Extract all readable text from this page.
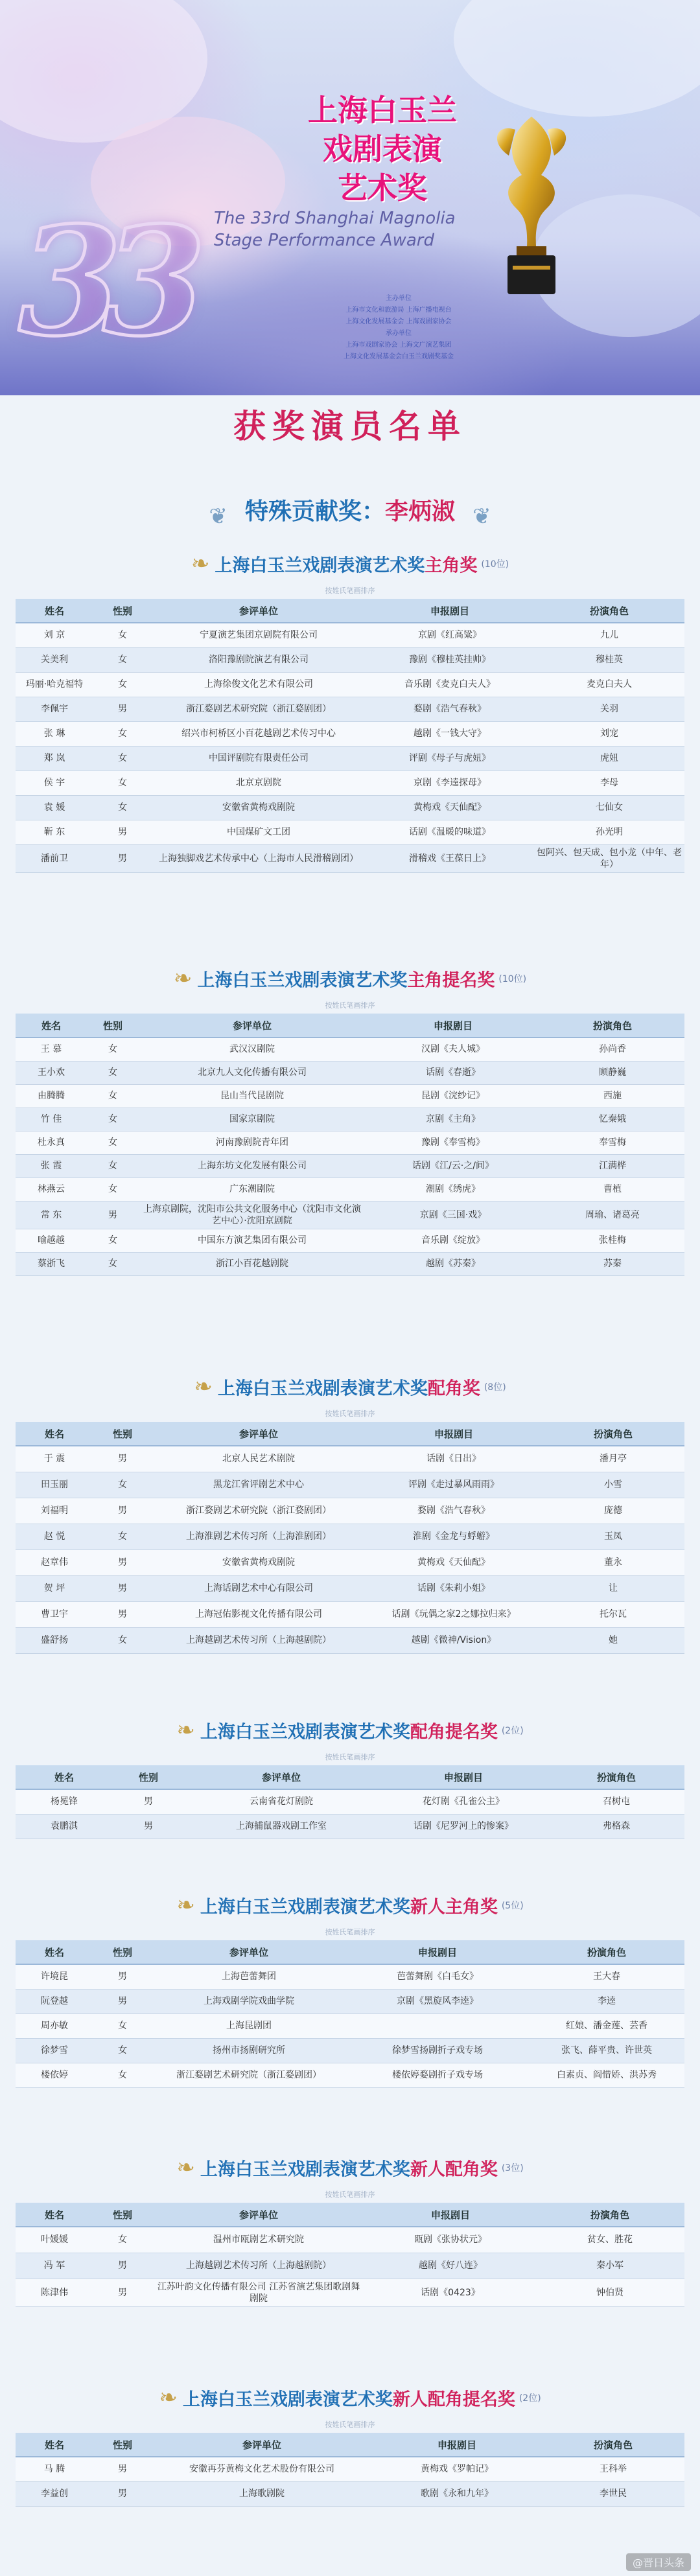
33
上海白玉兰
戏剧表演
艺术奖
The 33rd Shanghai Magnolia
Stage Performance Award
主办单位
上海市文化和旅游局 上海广播电视台
上海文化发展基金会 上海戏剧家协会
承办单位
上海市戏剧家协会 上海文广演艺集团
上海文化发展基金会白玉兰戏剧奖基金
获奖演员名单
❦ 特殊贡献奖：李炳淑 ❦
❧ 上海白玉兰戏剧表演艺术奖主角奖 (10位)
按姓氏笔画排序
姓名	性别	参评单位	申报剧目	扮演角色
刘 京	女	宁夏演艺集团京剧院有限公司	京剧《红高粱》	九儿
关美利	女	洛阳豫剧院演艺有限公司	豫剧《穆桂英挂帅》	穆桂英
玛丽·哈克福特	女	上海徐俊文化艺术有限公司	音乐剧《麦克白夫人》	麦克白夫人
李佩宇	男	浙江婺剧艺术研究院（浙江婺剧团）	婺剧《浩气春秋》	关羽
张 琳	女	绍兴市柯桥区小百花越剧艺术传习中心	越剧《一钱大守》	刘宠
郑 岚	女	中国评剧院有限责任公司	评剧《母子与虎妞》	虎妞
侯 宇	女	北京京剧院	京剧《李逵探母》	李母
袁 媛	女	安徽省黄梅戏剧院	黄梅戏《天仙配》	七仙女
靳 东	男	中国煤矿文工团	话剧《温暖的味道》	孙光明
潘前卫	男	上海独脚戏艺术传承中心（上海市人民滑稽剧团）	滑稽戏《王葆日上》	包阿兴、包天成、包小龙（中年、老年）
❧ 上海白玉兰戏剧表演艺术奖主角提名奖 (10位)
按姓氏笔画排序
姓名	性别	参评单位	申报剧目	扮演角色
王 慕	女	武汉汉剧院	汉剧《夫人城》	孙尚香
王小欢	女	北京九人文化传播有限公司	话剧《春逝》	顾静巍
由腾腾	女	昆山当代昆剧院	昆剧《浣纱记》	西施
竹 佳	女	国家京剧院	京剧《主角》	忆秦娥
杜永真	女	河南豫剧院青年团	豫剧《奉雪梅》	奉雪梅
张 霞	女	上海东坊文化发展有限公司	话剧《江/云·之/间》	江满桦
林燕云	女	广东潮剧院	潮剧《绣虎》	曹植
常 东	男	上海京剧院，沈阳市公共文化服务中心（沈阳市文化演艺中心）·沈阳京剧院	京剧《三国·戏》	周瑜、诸葛亮
喻越越	女	中国东方演艺集团有限公司	音乐剧《绽放》	张桂梅
蔡浙飞	女	浙江小百花越剧院	越剧《苏秦》	苏秦
❧ 上海白玉兰戏剧表演艺术奖配角奖 (8位)
按姓氏笔画排序
姓名	性别	参评单位	申报剧目	扮演角色
于 震	男	北京人民艺术剧院	话剧《日出》	潘月亭
田玉丽	女	黑龙江省评剧艺术中心	评剧《走过暴风雨雨》	小雪
刘福明	男	浙江婺剧艺术研究院（浙江婺剧团）	婺剧《浩气春秋》	庞德
赵 悦	女	上海淮剧艺术传习所（上海淮剧团）	淮剧《金龙与蜉蝣》	玉凤
赵章伟	男	安徽省黄梅戏剧院	黄梅戏《天仙配》	董永
贺 坪	男	上海话剧艺术中心有限公司	话剧《朱莉小姐》	让
曹卫宇	男	上海冠佑影视文化传播有限公司	话剧《玩偶之家2之娜拉归来》	托尔瓦
盛舒扬	女	上海越剧艺术传习所（上海越剧院）	越剧《微神/Vision》	她
❧ 上海白玉兰戏剧表演艺术奖配角提名奖 (2位)
按姓氏笔画排序
姓名	性别	参评单位	申报剧目	扮演角色
杨冕锋	男	云南省花灯剧院	花灯剧《孔雀公主》	召树屯
袁鹏淇	男	上海捕鼠器戏剧工作室	话剧《尼罗河上的惨案》	弗格森
❧ 上海白玉兰戏剧表演艺术奖新人主角奖 (5位)
按姓氏笔画排序
姓名	性别	参评单位	申报剧目	扮演角色
许境昆	男	上海芭蕾舞团	芭蕾舞剧《白毛女》	王大春
阮登越	男	上海戏剧学院戏曲学院	京剧《黑旋风李逵》	李逵
周亦敏	女	上海昆剧团		红娘、潘金莲、芸香
徐梦雪	女	扬州市扬剧研究所	徐梦雪扬剧折子戏专场	张飞、薛平贵、许世英
楼依婷	女	浙江婺剧艺术研究院（浙江婺剧团）	楼依婷婺剧折子戏专场	白素贞、阎惜娇、洪苏秀
❧ 上海白玉兰戏剧表演艺术奖新人配角奖 (3位)
按姓氏笔画排序
姓名	性别	参评单位	申报剧目	扮演角色
叶媛媛	女	温州市瓯剧艺术研究院	瓯剧《张协状元》	贫女、胜花
冯 军	男	上海越剧艺术传习所（上海越剧院）	越剧《好八连》	秦小军
陈津伟	男	江苏叶韵文化传播有限公司 江苏省演艺集团歌剧舞剧院	话剧《0423》	钟伯贤
❧ 上海白玉兰戏剧表演艺术奖新人配角提名奖 (2位)
按姓氏笔画排序
姓名	性别	参评单位	申报剧目	扮演角色
马 腾	男	安徽再芬黄梅文化艺术股份有限公司	黄梅戏《罗帕记》	王科举
李益创	男	上海歌剧院	歌剧《永和九年》	李世民
@晋日头条
